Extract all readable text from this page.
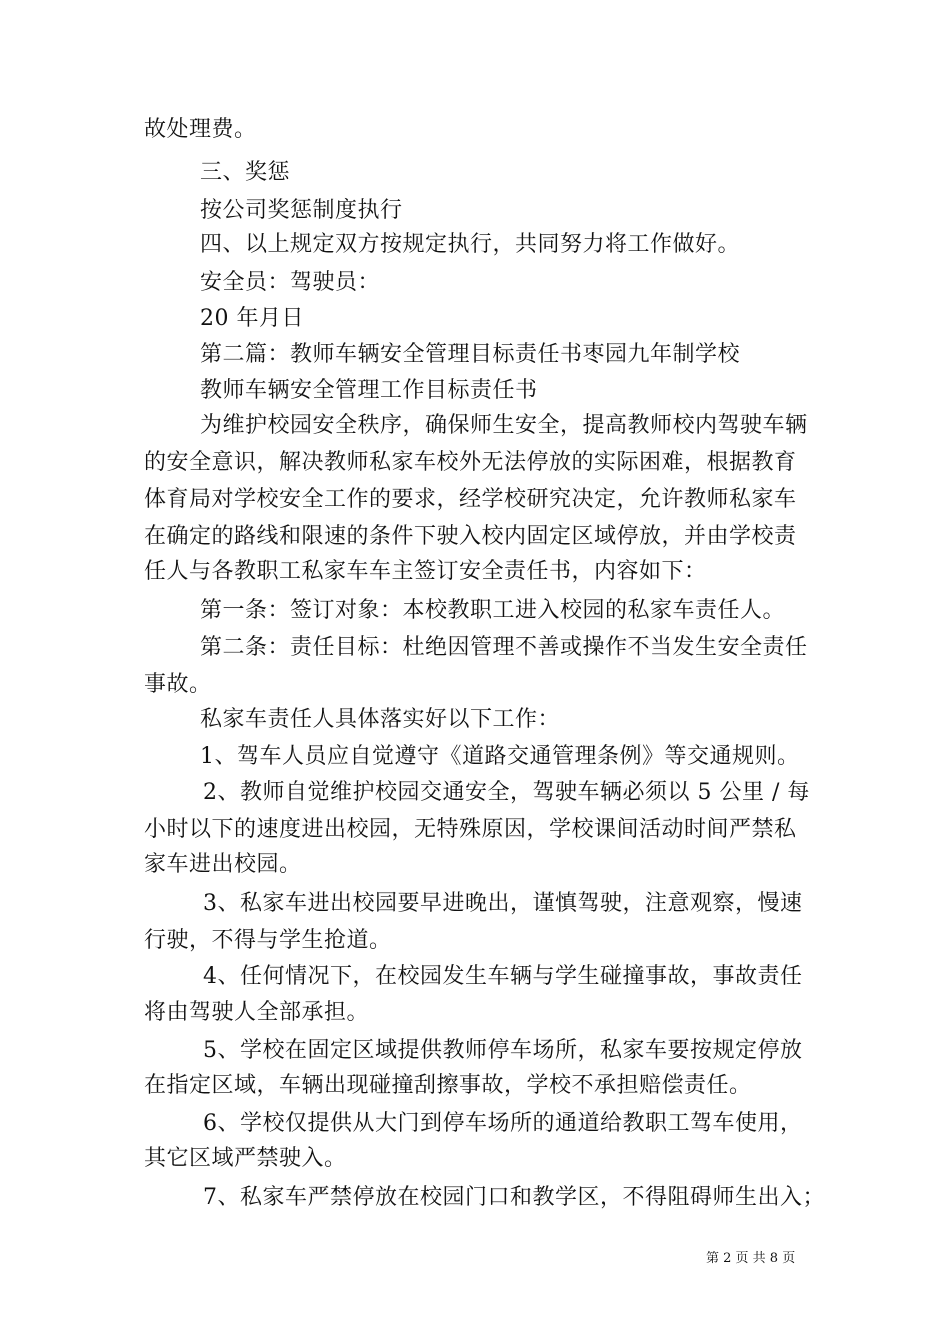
故处理费。
三、奖惩
按公司奖惩制度执行
四、以上规定双方按规定执行，共同努力将工作做好。
安全员：驾驶员：
20 年月日
第二篇：教师车辆安全管理目标责任书枣园九年制学校
教师车辆安全管理工作目标责任书
为维护校园安全秩序，确保师生安全，提高教师校内驾驶车辆
的安全意识，解决教师私家车校外无法停放的实际困难，根据教育
体育局对学校安全工作的要求，经学校研究决定，允许教师私家车
在确定的路线和限速的条件下驶入校内固定区域停放，并由学校责
任人与各教职工私家车车主签订安全责任书，内容如下：
第一条：签订对象：本校教职工进入校园的私家车责任人。
第二条：责任目标：杜绝因管理不善或操作不当发生安全责任
事故。
私家车责任人具体落实好以下工作：
1、驾车人员应自觉遵守《道路交通管理条例》等交通规则。
2、教师自觉维护校园交通安全，驾驶车辆必须以 5 公里 / 每
小时以下的速度进出校园，无特殊原因，学校课间活动时间严禁私
家车进出校园。
3、私家车进出校园要早进晚出，谨慎驾驶，注意观察，慢速
行驶，不得与学生抢道。
4、任何情况下，在校园发生车辆与学生碰撞事故，事故责任
将由驾驶人全部承担。
5、学校在固定区域提供教师停车场所，私家车要按规定停放
在指定区域，车辆出现碰撞刮擦事故，学校不承担赔偿责任。
6、学校仅提供从大门到停车场所的通道给教职工驾车使用，
其它区域严禁驶入。
7、私家车严禁停放在校园门口和教学区，不得阻碍师生出入；
第 2 页 共 8 页
